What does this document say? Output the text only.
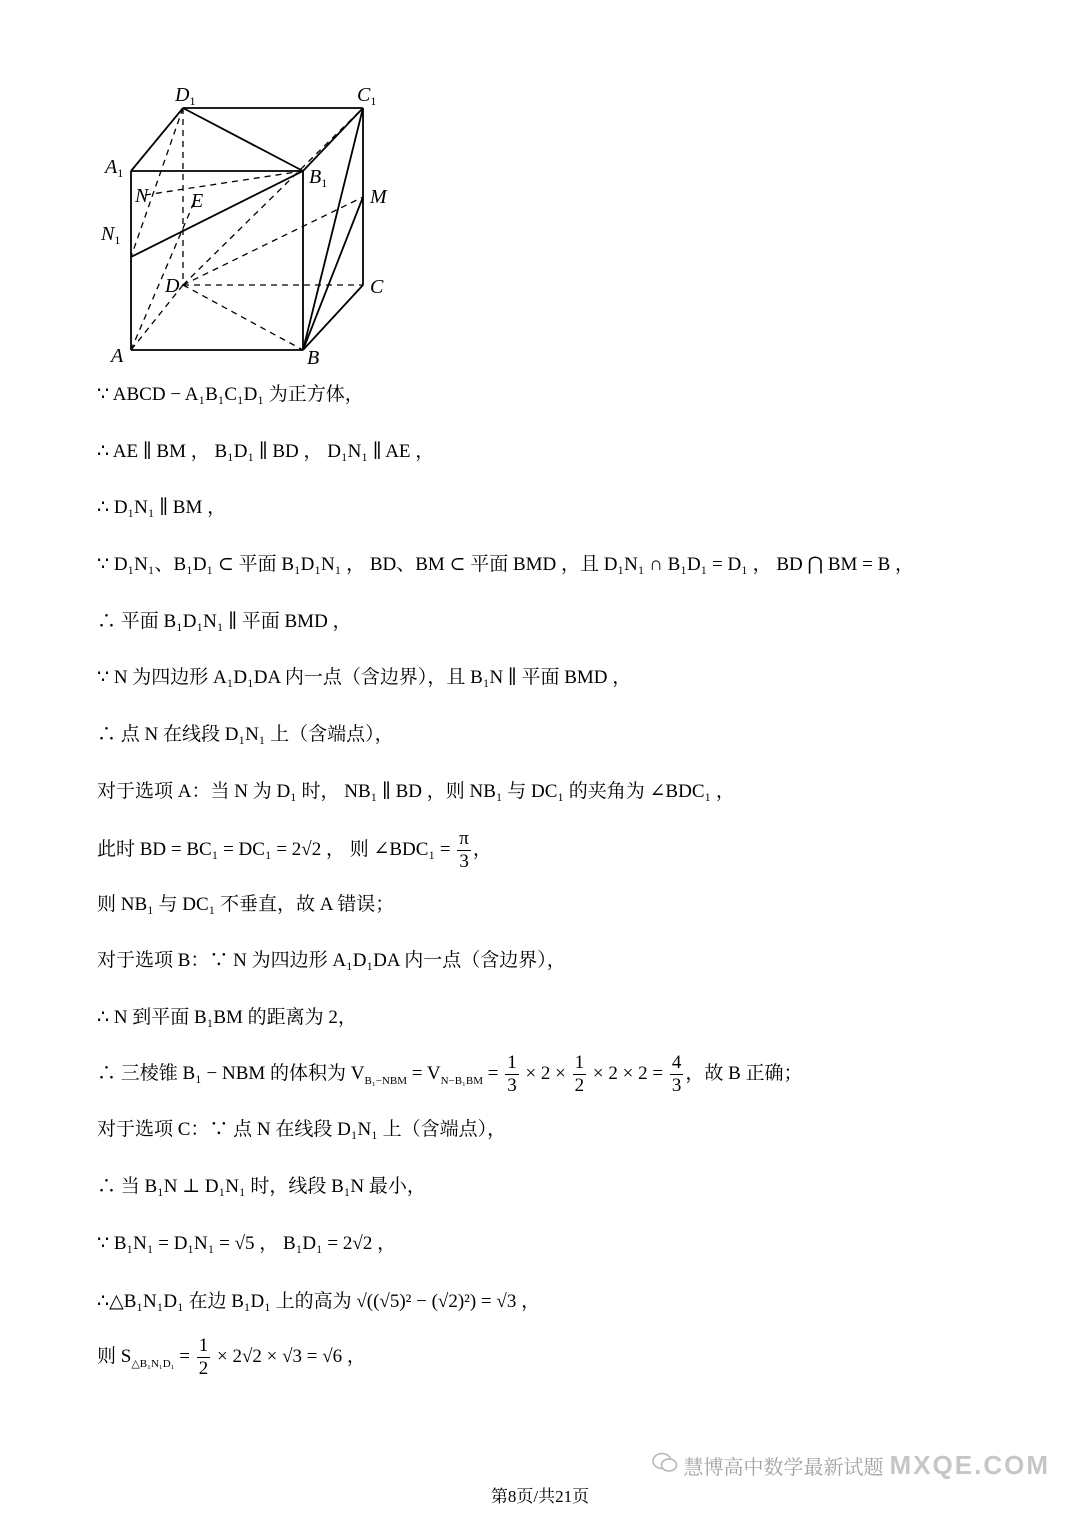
$D_1$	$C_1$
$A_1$	$B_1$
N E	M
$N_1$
D	C
A	B
∵ ABCD − A₁B₁C₁D₁ 为正方体，
∴ AE ∥ BM ， B₁D₁ ∥ BD ， D₁N₁ ∥ AE ，
∴ D₁N₁ ∥ BM ，
∵ D₁N₁、B₁D₁ ⊂ 平面 B₁D₁N₁ ， BD、BM ⊂ 平面 BMD ，且 D₁N₁ ∩ B₁D₁ = D₁ ， BD ⋂ BM = B ，
∴ 平面 B₁D₁N₁ ∥ 平面 BMD ，
∵ N 为四边形 A₁D₁DA 内一点（含边界），且 B₁N ∥ 平面 BMD ，
∴ 点 N 在线段 D₁N₁ 上（含端点），
对于选项 A：当 N 为 D₁ 时， NB₁ ∥ BD ，则 NB₁ 与 DC₁ 的夹角为 ∠BDC₁ ，
此时 BD = BC₁ = DC₁ = 2√2 ， 则 ∠BDC₁ = $\frac{\pi}{3}$ ，
则 NB₁ 与 DC₁ 不垂直，故 A 错误；
对于选项 B：∵ N 为四边形 A₁D₁DA 内一点（含边界），
∴ N 到平面 B₁BM 的距离为 2，
∴ 三棱锥 B₁ − NBM 的体积为 $V_{B_1-NBM} = V_{N-B_1BM} = \frac{1}{3} \times 2 \times \frac{1}{2} \times 2 \times 2 = \frac{4}{3}$ ，故 B 正确；
对于选项 C：∵ 点 N 在线段 D₁N₁ 上（含端点），
∴ 当 B₁N ⊥ D₁N₁ 时，线段 B₁N 最小，
∵ B₁N₁ = D₁N₁ = √5 ， B₁D₁ = 2√2 ，
∴△B₁N₁D₁ 在边 B₁D₁ 上的高为 √((√5)² − (√2)²) = √3 ，
则 $S_{\triangle B_1N_1D_1} = \frac{1}{2} \times 2√2 \times √3 = √6$ ，
慧博高中数学最新试题 MXQE.COM
第8页/共21页
